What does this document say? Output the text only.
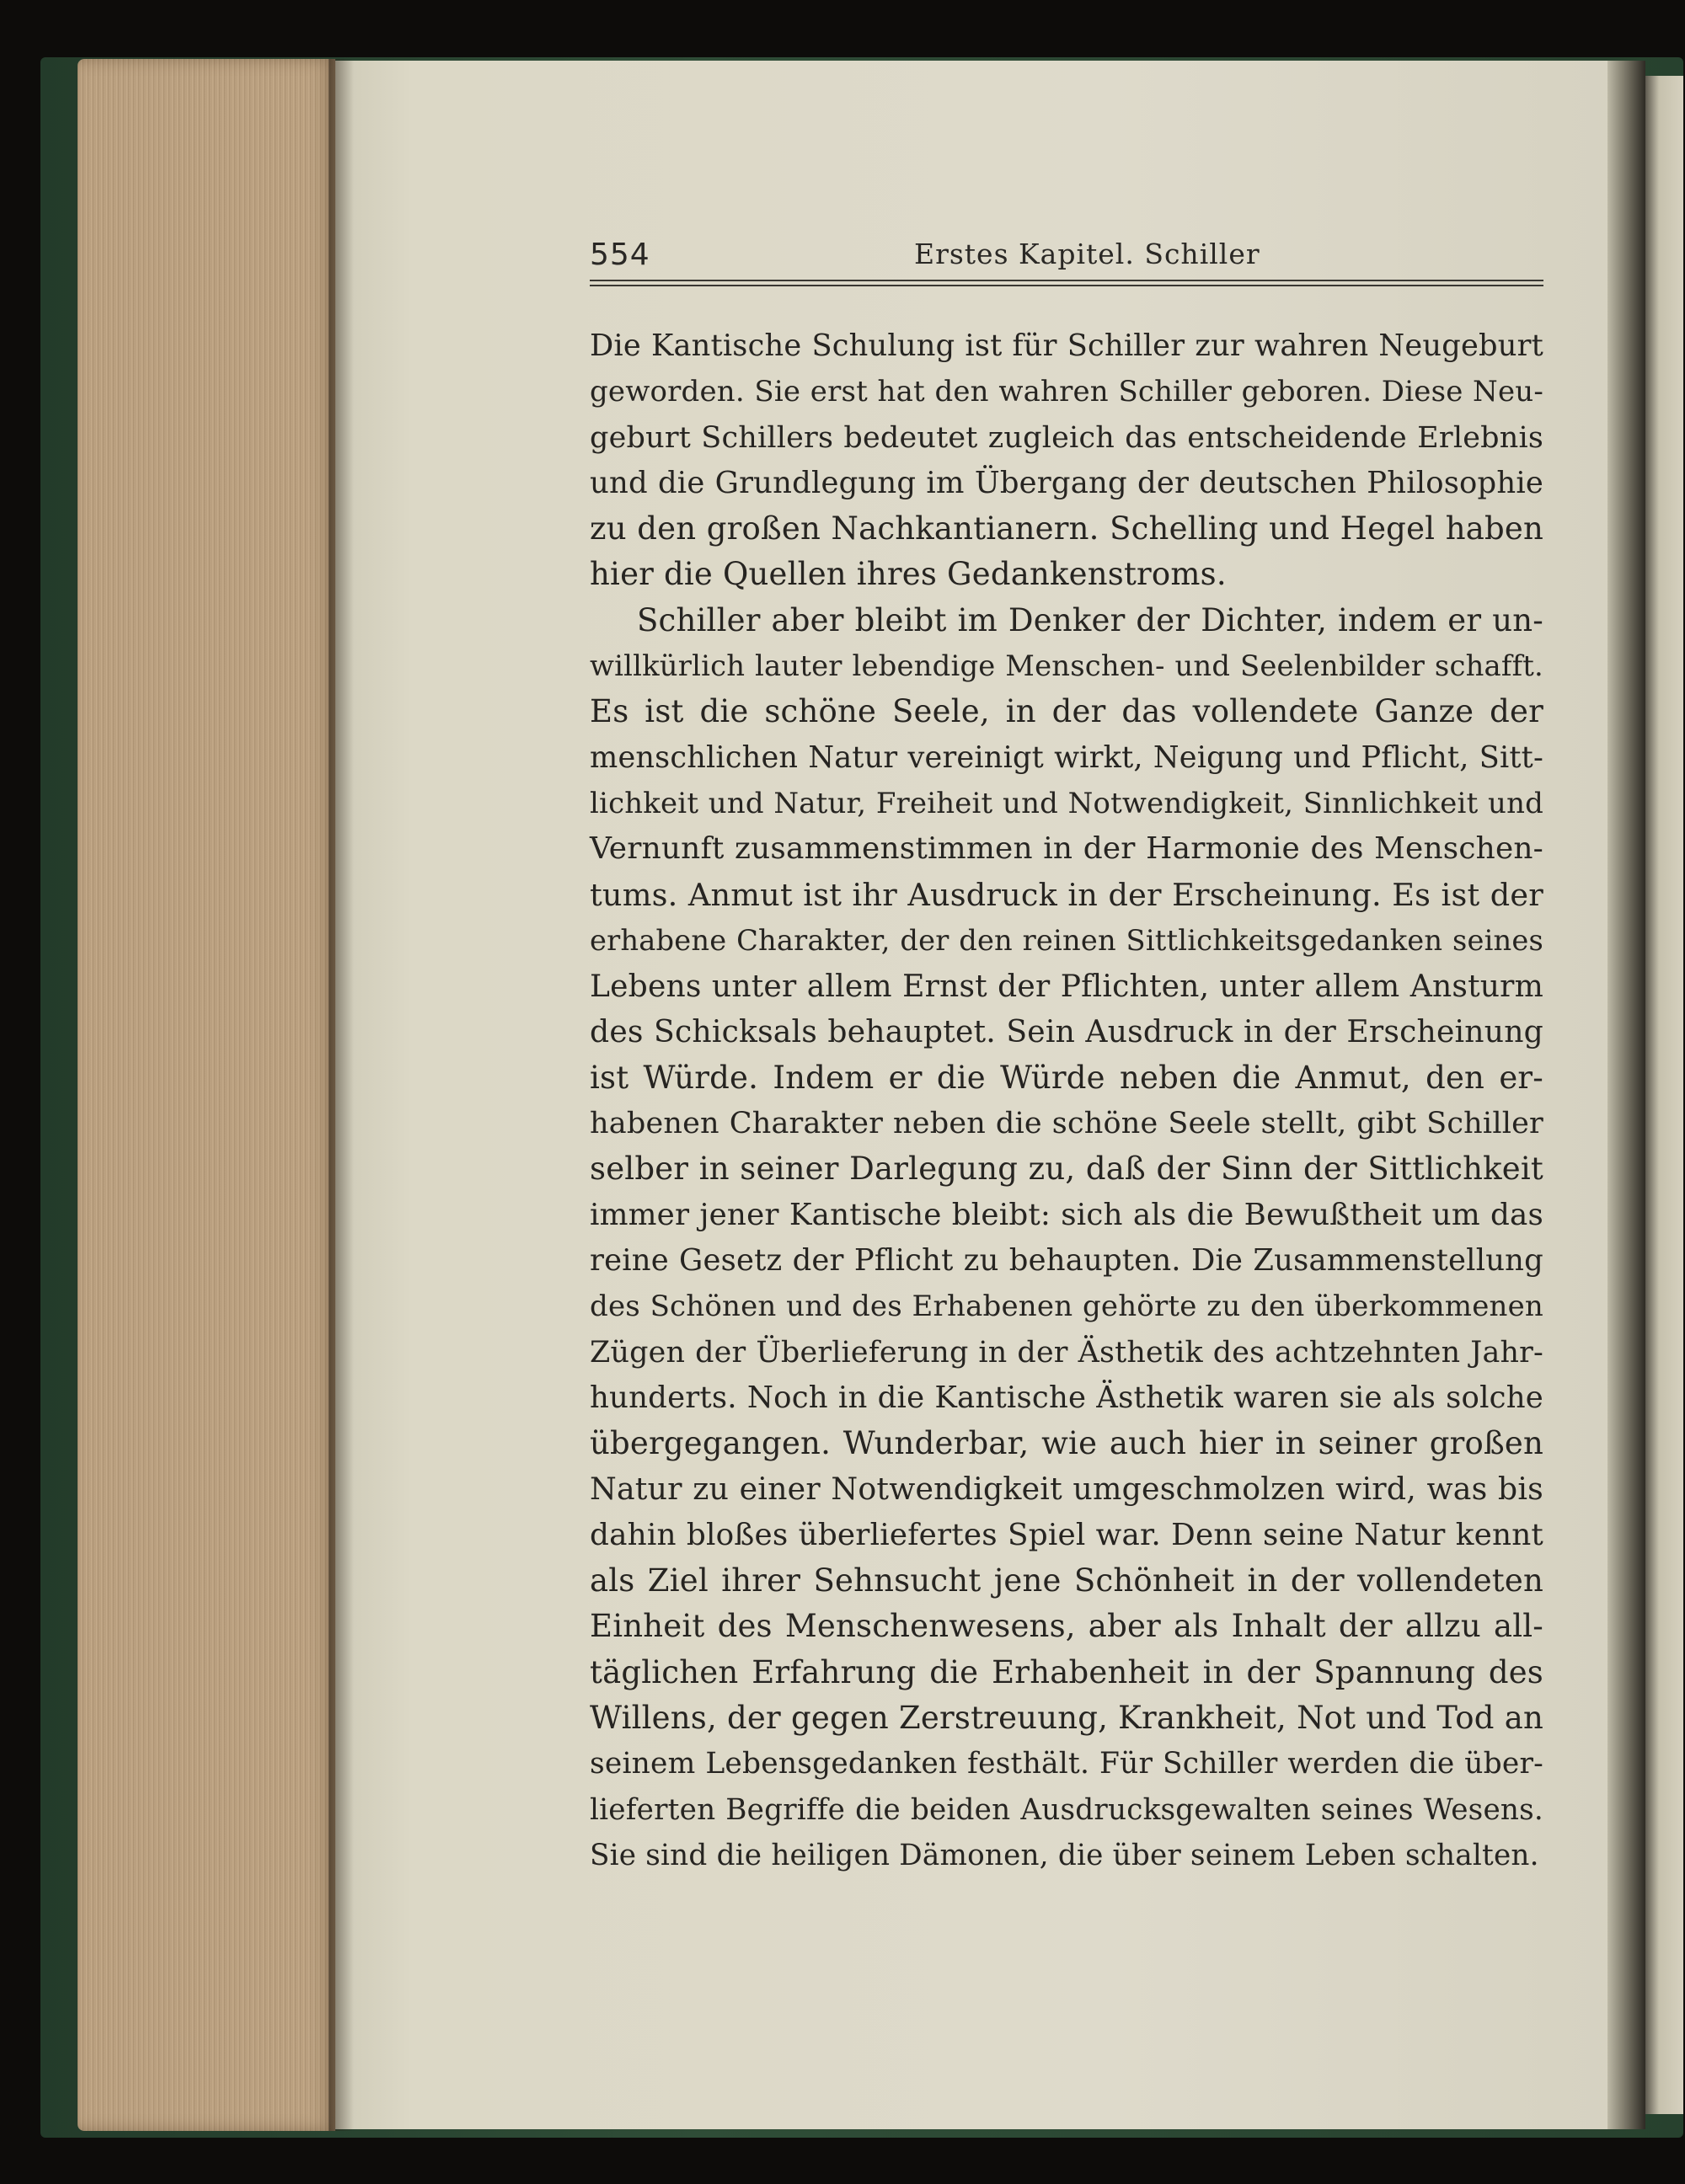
554	Erstes Kapitel. Schiller
Die Kantische Schulung ist für Schiller zur wahren Neugeburt
geworden. Sie erst hat den wahren Schiller geboren. Diese Neu-
geburt Schillers bedeutet zugleich das entscheidende Erlebnis
und die Grundlegung im Übergang der deutschen Philosophie
zu den großen Nachkantianern. Schelling und Hegel haben
hier die Quellen ihres Gedankenstroms.
Schiller aber bleibt im Denker der Dichter, indem er un-
willkürlich lauter lebendige Menschen- und Seelenbilder schafft.
Es ist die schöne Seele, in der das vollendete Ganze der
menschlichen Natur vereinigt wirkt, Neigung und Pflicht, Sitt-
lichkeit und Natur, Freiheit und Notwendigkeit, Sinnlichkeit und
Vernunft zusammenstimmen in der Harmonie des Menschen-
tums. Anmut ist ihr Ausdruck in der Erscheinung. Es ist der
erhabene Charakter, der den reinen Sittlichkeitsgedanken seines
Lebens unter allem Ernst der Pflichten, unter allem Ansturm
des Schicksals behauptet. Sein Ausdruck in der Erscheinung
ist Würde. Indem er die Würde neben die Anmut, den er-
habenen Charakter neben die schöne Seele stellt, gibt Schiller
selber in seiner Darlegung zu, daß der Sinn der Sittlichkeit
immer jener Kantische bleibt: sich als die Bewußtheit um das
reine Gesetz der Pflicht zu behaupten. Die Zusammenstellung
des Schönen und des Erhabenen gehörte zu den überkommenen
Zügen der Überlieferung in der Ästhetik des achtzehnten Jahr-
hunderts. Noch in die Kantische Ästhetik waren sie als solche
übergegangen. Wunderbar, wie auch hier in seiner großen
Natur zu einer Notwendigkeit umgeschmolzen wird, was bis
dahin bloßes überliefertes Spiel war. Denn seine Natur kennt
als Ziel ihrer Sehnsucht jene Schönheit in der vollendeten
Einheit des Menschenwesens, aber als Inhalt der allzu all-
täglichen Erfahrung die Erhabenheit in der Spannung des
Willens, der gegen Zerstreuung, Krankheit, Not und Tod an
seinem Lebensgedanken festhält. Für Schiller werden die über-
lieferten Begriffe die beiden Ausdrucksgewalten seines Wesens.
Sie sind die heiligen Dämonen, die über seinem Leben schalten.
